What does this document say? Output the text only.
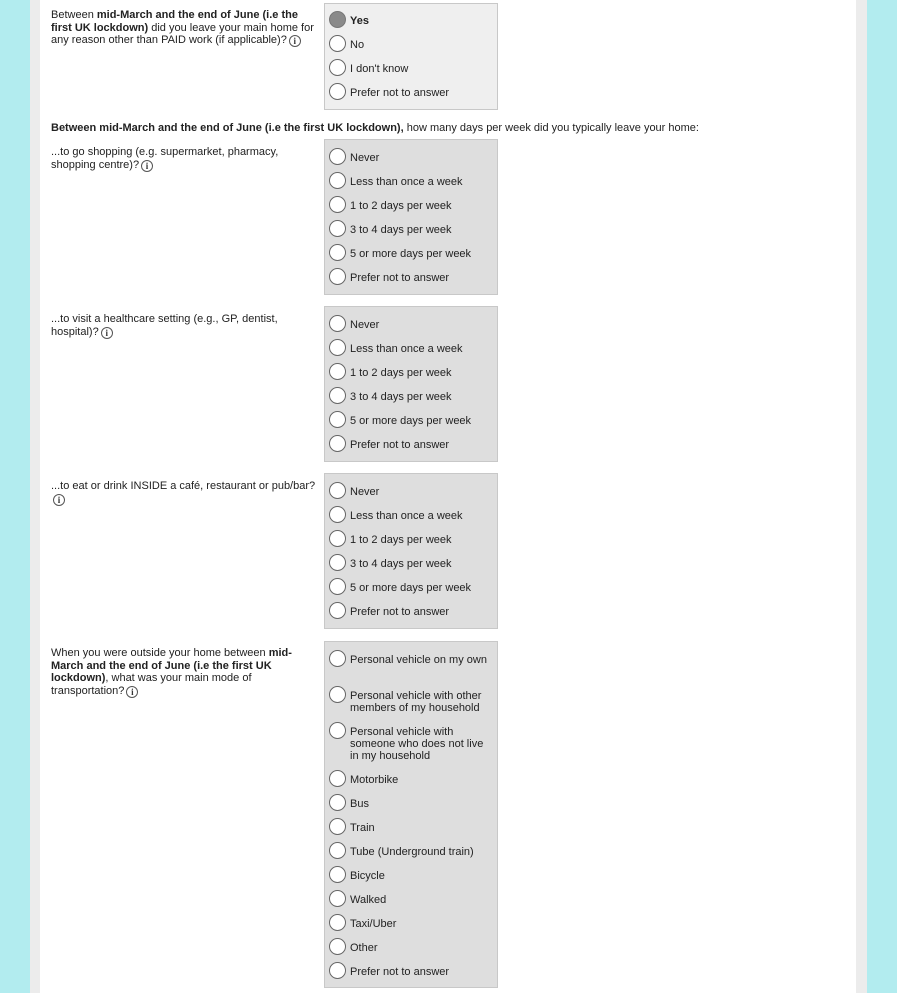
Between mid-March and the end of June (i.e the first UK lockdown) did you leave your main home for any reason other than PAID work (if applicable)? i
Yes
No
I don't know
Prefer not to answer
Between mid-March and the end of June (i.e the first UK lockdown), how many days per week did you typically leave your home:
...to go shopping (e.g. supermarket, pharmacy, shopping centre)? i
Never
Less than once a week
1 to 2 days per week
3 to 4 days per week
5 or more days per week
Prefer not to answer
...to visit a healthcare setting (e.g., GP, dentist, hospital)? i
Never
Less than once a week
1 to 2 days per week
3 to 4 days per week
5 or more days per week
Prefer not to answer
...to eat or drink INSIDE a café, restaurant or pub/bar?i
Never
Less than once a week
1 to 2 days per week
3 to 4 days per week
5 or more days per week
Prefer not to answer
When you were outside your home between mid-March and the end of June (i.e the first UK lockdown), what was your main mode of transportation? i
Personal vehicle on my own
Personal vehicle with other members of my household
Personal vehicle with someone who does not live in my household
Motorbike
Bus
Train
Tube (Underground train)
Bicycle
Walked
Taxi/Uber
Other
Prefer not to answer
